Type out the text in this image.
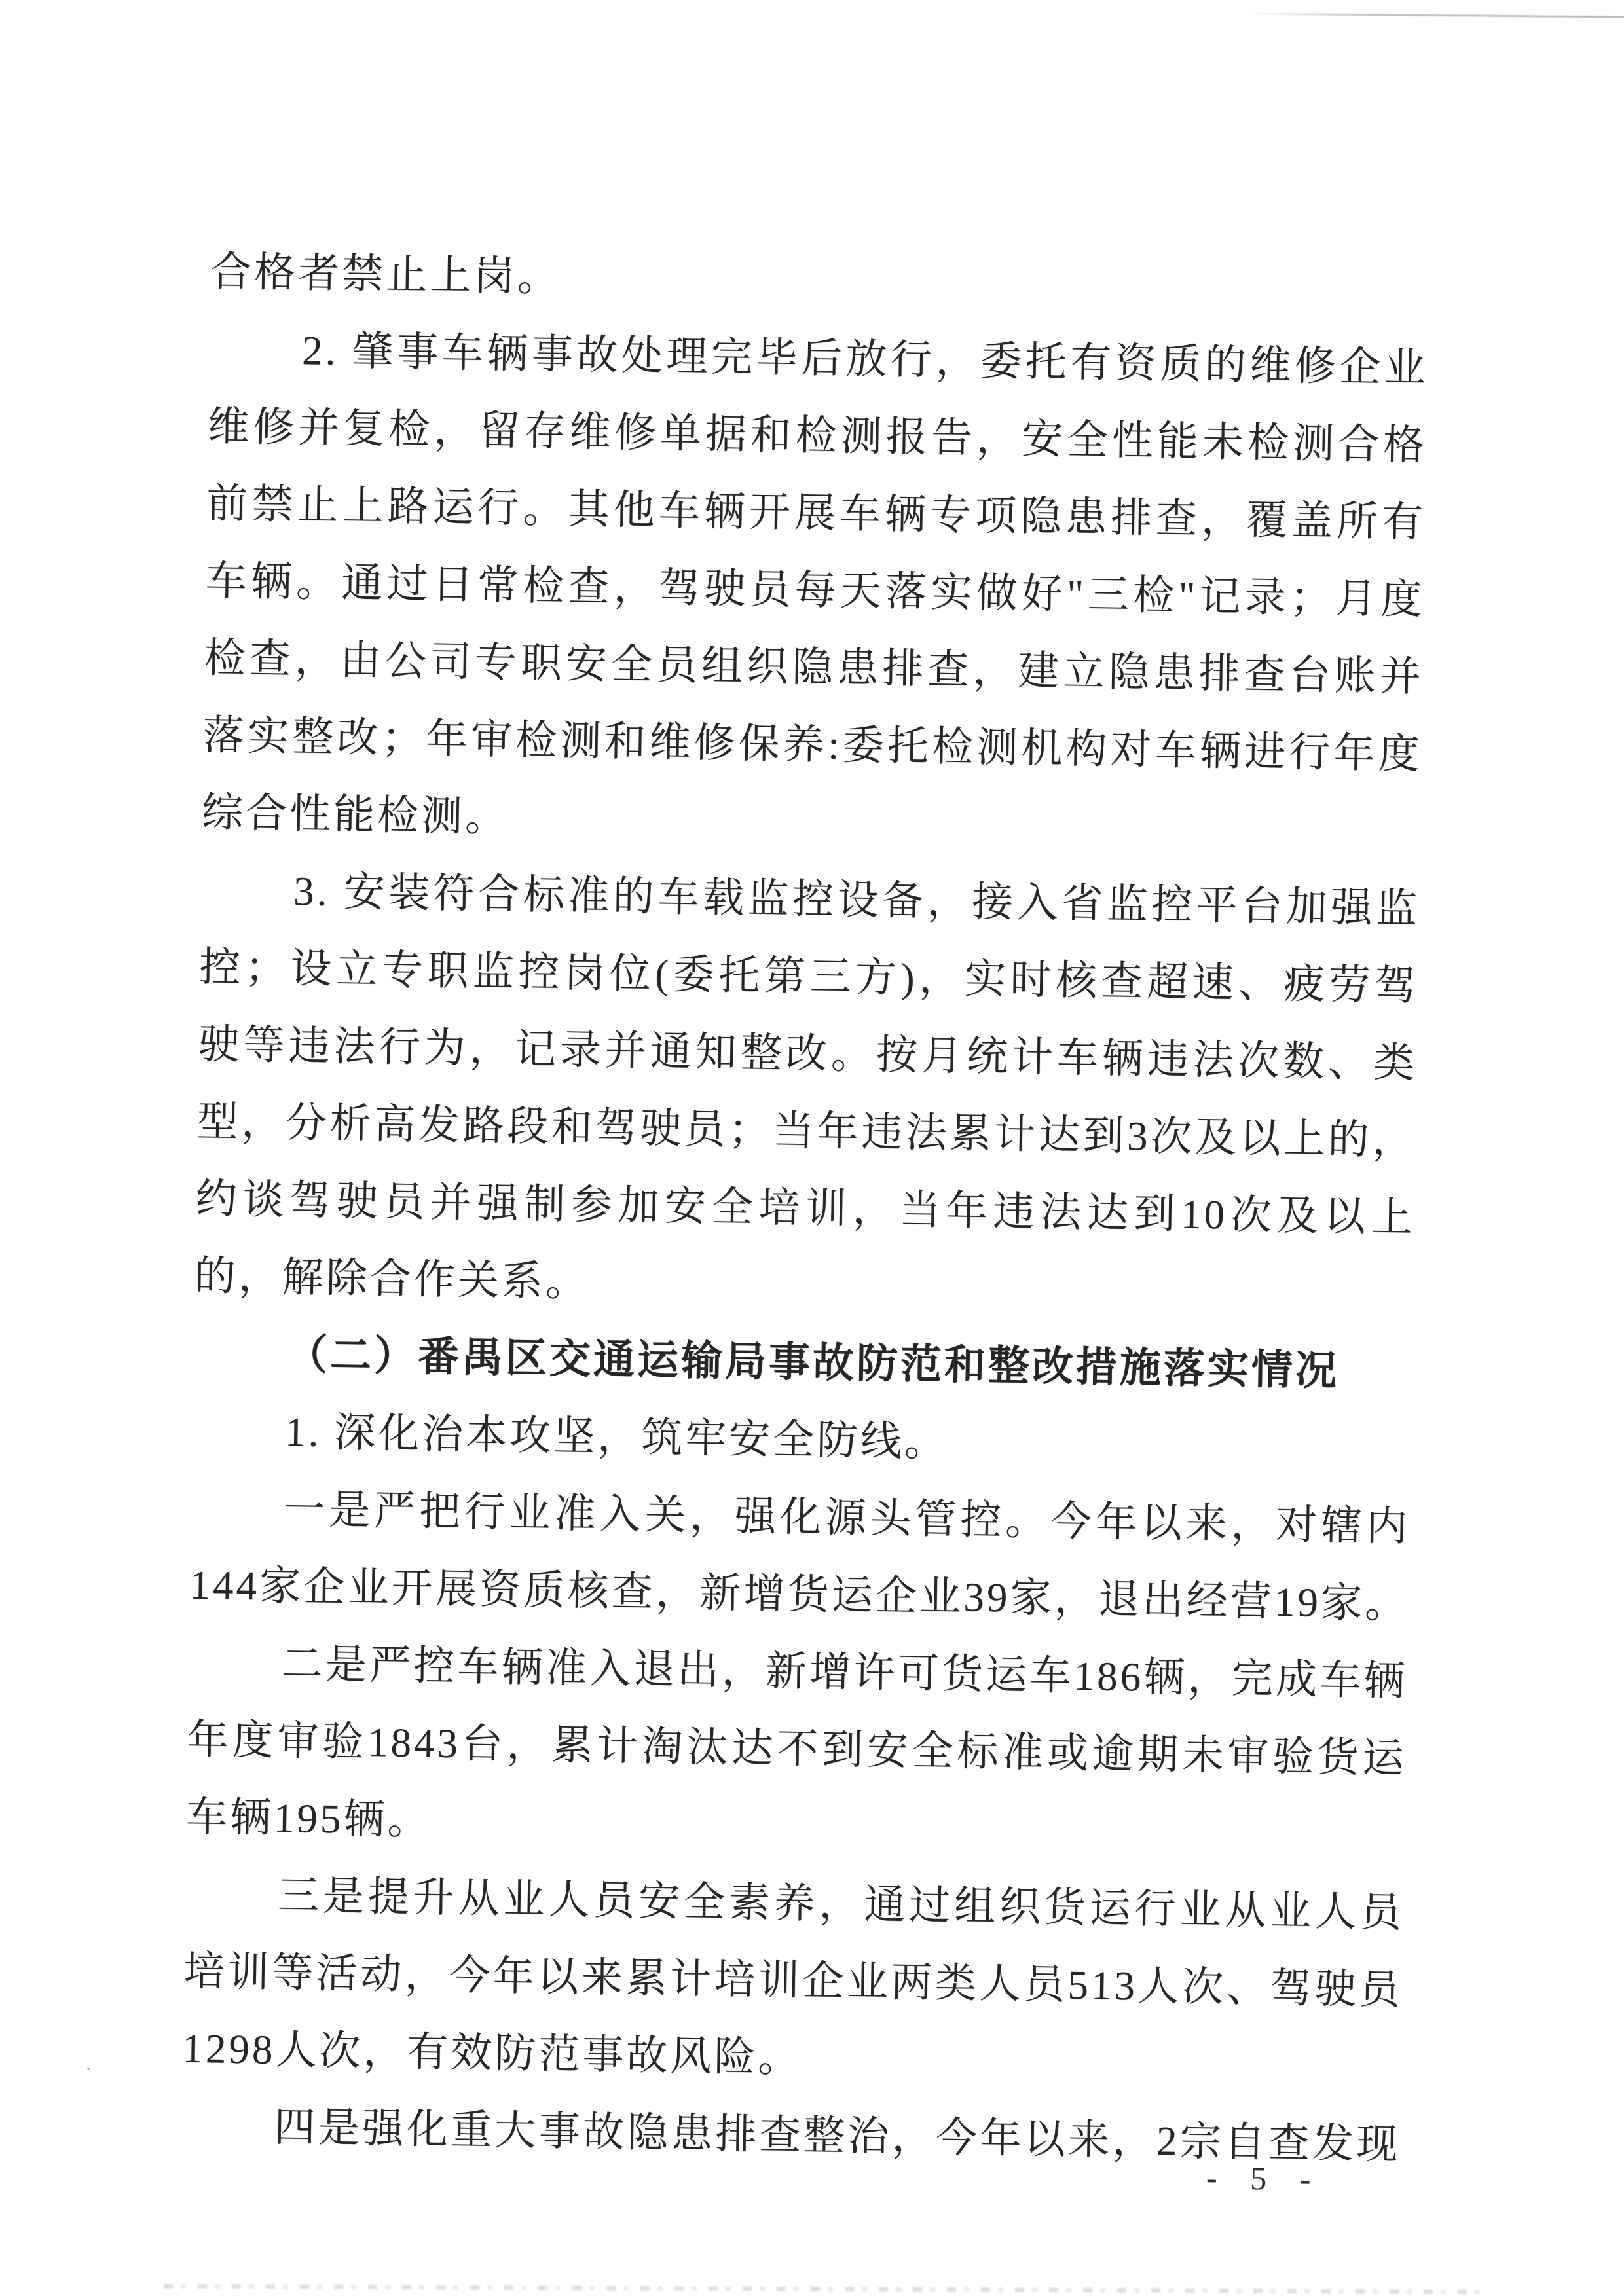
合格者禁止上岗。
2. 肇事车辆事故处理完毕后放行，委托有资质的维修企业
维修并复检，留存维修单据和检测报告，安全性能未检测合格
前禁止上路运行。其他车辆开展车辆专项隐患排查，覆盖所有
车辆。通过日常检查，驾驶员每天落实做好"三检"记录；月度
检查，由公司专职安全员组织隐患排查，建立隐患排查台账并
落实整改；年审检测和维修保养:委托检测机构对车辆进行年度
综合性能检测。
3. 安装符合标准的车载监控设备，接入省监控平台加强监
控；设立专职监控岗位(委托第三方)，实时核查超速、疲劳驾
驶等违法行为，记录并通知整改。按月统计车辆违法次数、类
型，分析高发路段和驾驶员；当年违法累计达到3次及以上的，
约谈驾驶员并强制参加安全培训，当年违法达到10次及以上
的，解除合作关系。
（二）番禺区交通运输局事故防范和整改措施落实情况
1. 深化治本攻坚，筑牢安全防线。
一是严把行业准入关，强化源头管控。今年以来，对辖内
144家企业开展资质核查，新增货运企业39家，退出经营19家。
二是严控车辆准入退出，新增许可货运车186辆，完成车辆
年度审验1843台，累计淘汰达不到安全标准或逾期未审验货运
车辆195辆。
三是提升从业人员安全素养，通过组织货运行业从业人员
培训等活动，今年以来累计培训企业两类人员513人次、驾驶员
1298人次，有效防范事故风险。
四是强化重大事故隐患排查整治，今年以来，2宗自查发现
- 5 -
